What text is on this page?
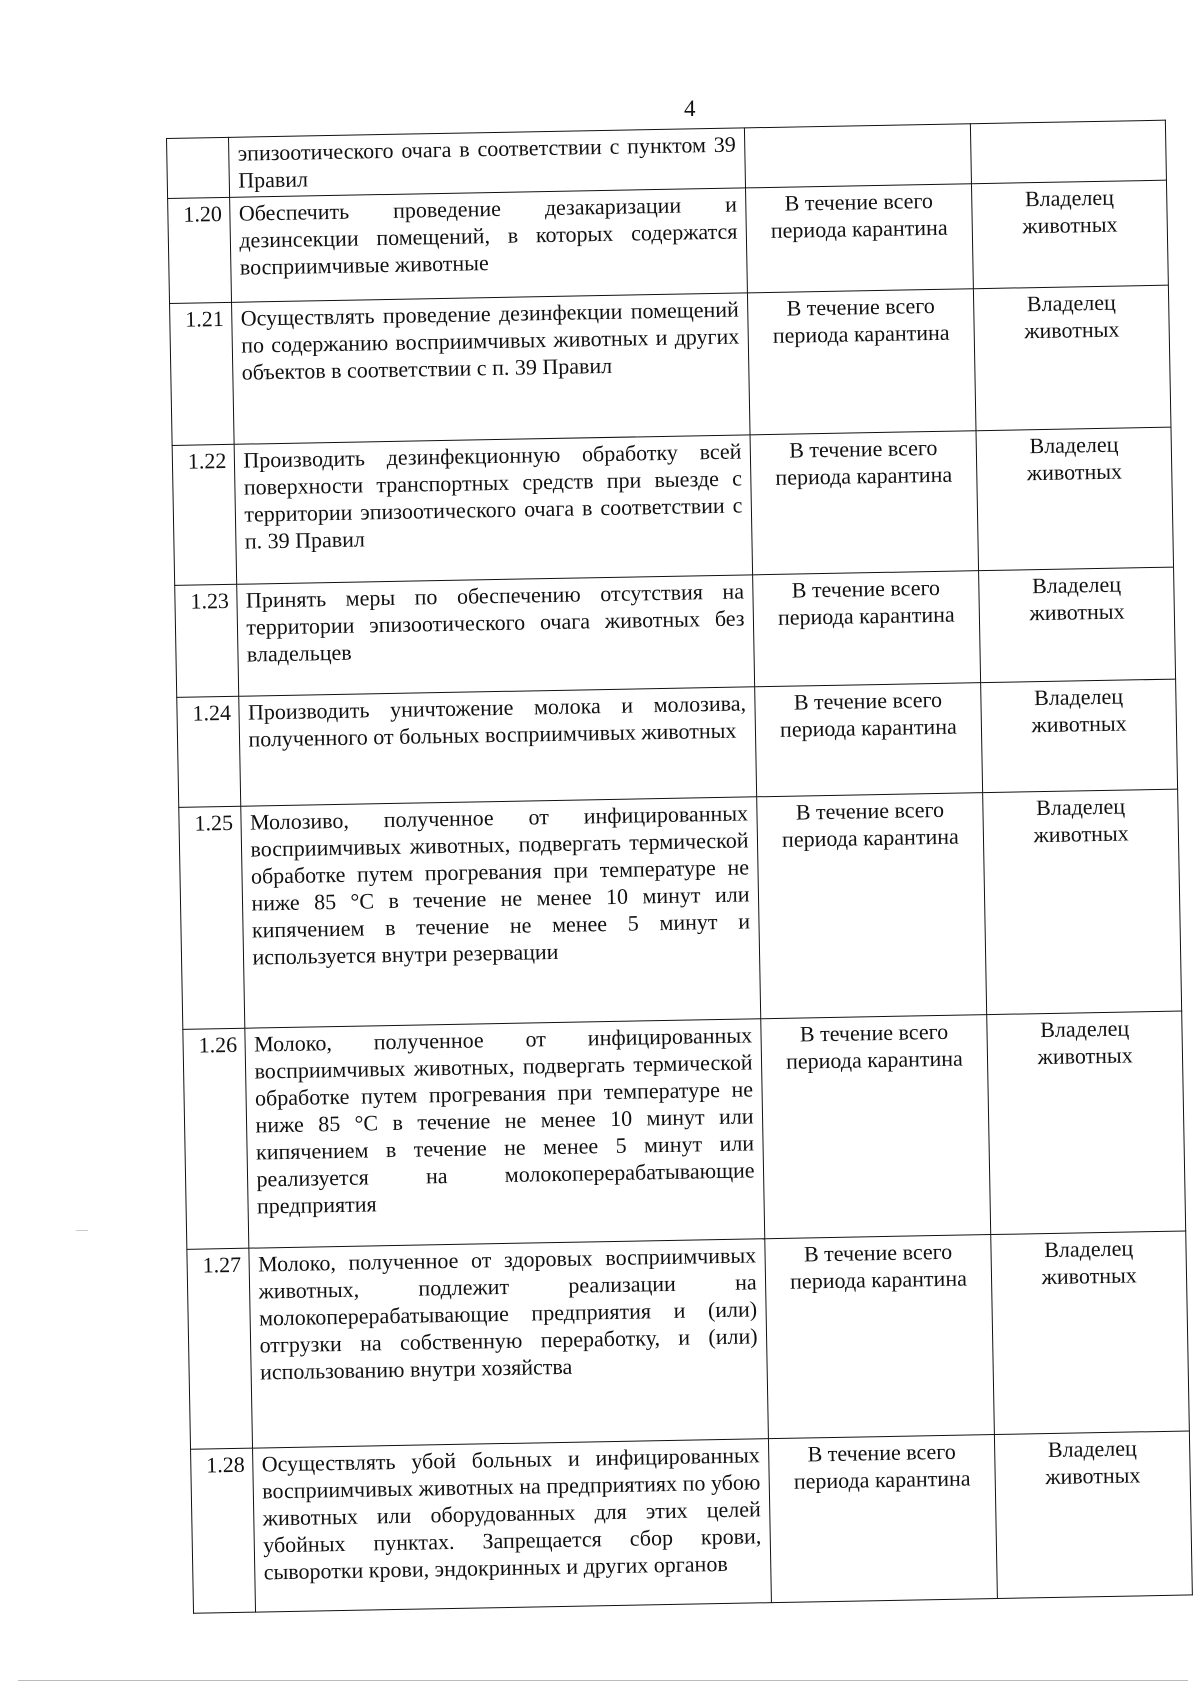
4
	эпизоотического очага в соответствии с пунктом 39 Правил		
1.20	Обеспечить проведение дезакаризации и дезинсекции помещений, в которых содержатся восприимчивые животные	В течение всего периода карантина	Владелец животных
1.21	Осуществлять проведение дезинфекции помещений по содержанию восприимчивых животных и других объектов в соответствии с п. 39 Правил	В течение всего периода карантина	Владелец животных
1.22	Производить дезинфекционную обработку всей поверхности транспортных средств при выезде с территории эпизоотического очага в соответствии с п. 39 Правил	В течение всего периода карантина	Владелец животных
1.23	Принять меры по обеспечению отсутствия на территории эпизоотического очага животных без владельцев	В течение всего периода карантина	Владелец животных
1.24	Производить уничтожение молока и молозива, полученного от больных восприимчивых животных	В течение всего периода карантина	Владелец животных
1.25	Молозиво, полученное от инфицированных восприимчивых животных, подвергать термической обработке путем прогревания при температуре не ниже 85 °С в течение не менее 10 минут или кипячением в течение не менее 5 минут и используется внутри резервации	В течение всего периода карантина	Владелец животных
1.26	Молоко, полученное от инфицированных восприимчивых животных, подвергать термической обработке путем прогревания при температуре не ниже 85 °С в течение не менее 10 минут или кипячением в течение не менее 5 минут или реализуется на молокоперерабатывающие предприятия	В течение всего периода карантина	Владелец животных
1.27	Молоко, полученное от здоровых восприимчивых животных, подлежит реализации на молокоперерабатывающие предприятия и (или) отгрузки на собственную переработку, и (или) использованию внутри хозяйства	В течение всего периода карантина	Владелец животных
1.28	Осуществлять убой больных и инфицированных восприимчивых животных на предприятиях по убою животных или оборудованных для этих целей убойных пунктах. Запрещается сбор крови, сыворотки крови, эндокринных и других органов	В течение всего периода карантина	Владелец животных
